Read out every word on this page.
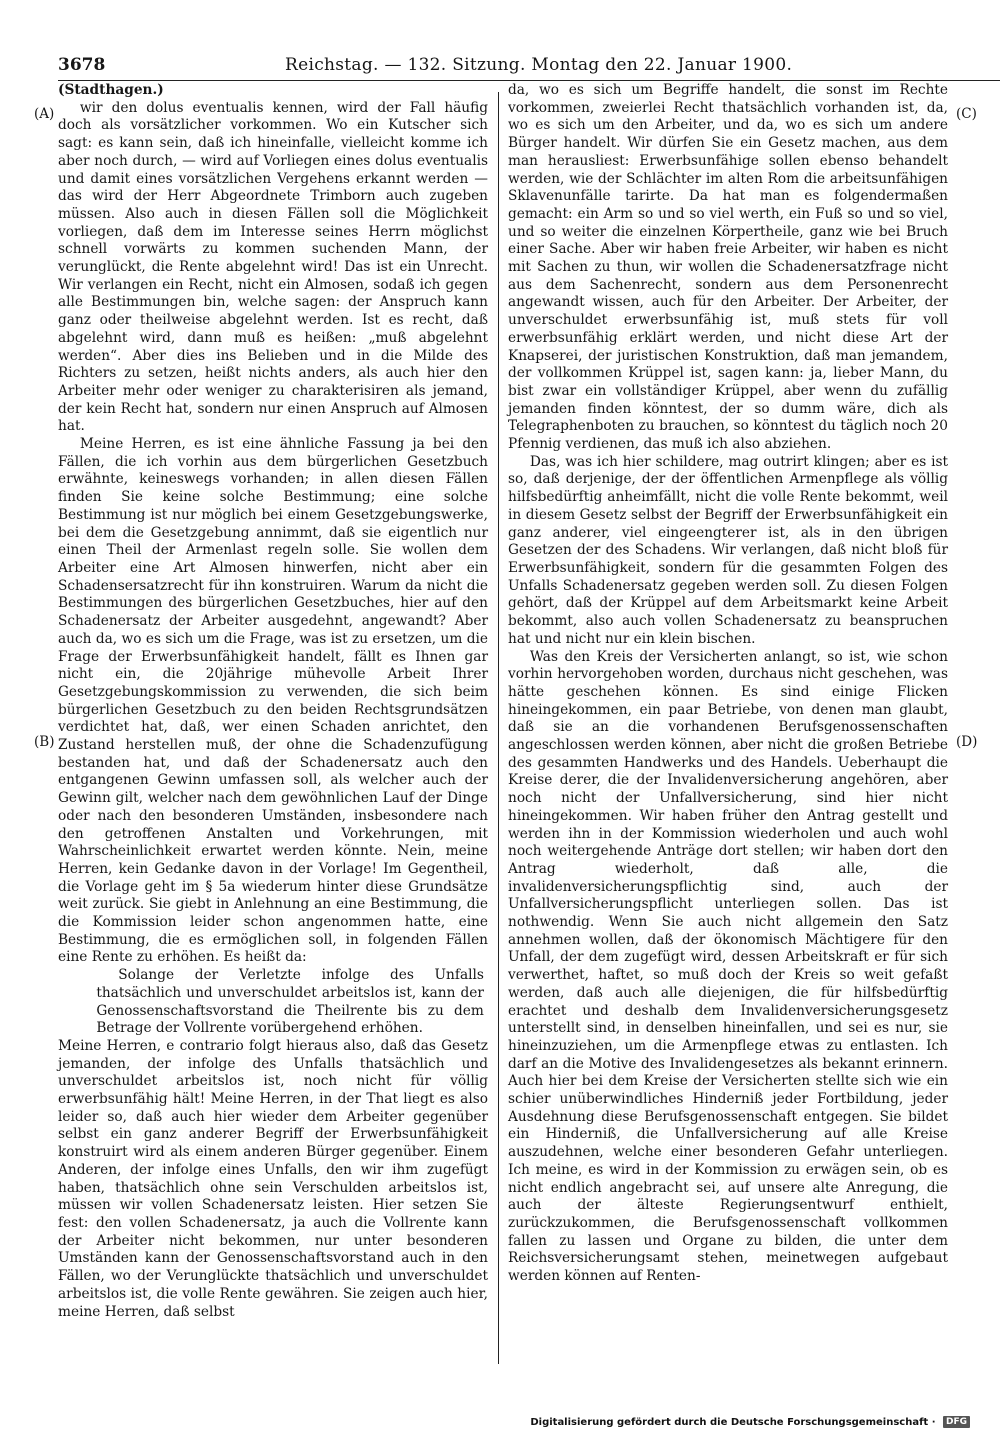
3678	Reichstag. — 132. Sitzung. Montag den 22. Januar 1900.
(A)
(B)
(C)
(D)

(Stadthagen.)

wir den dolus eventualis kennen, wird der Fall häufig doch als vorsätzlicher vorkommen. Wo ein Kutscher sich sagt: es kann sein, daß ich hineinfalle, vielleicht komme ich aber noch durch, — wird auf Vorliegen eines dolus eventualis und damit eines vorsätzlichen Vergehens erkannt werden — das wird der Herr Abgeordnete Trimborn auch zugeben müssen. Also auch in diesen Fällen soll die Möglichkeit vorliegen, daß dem im Interesse seines Herrn möglichst schnell vorwärts zu kommen suchenden Mann, der verunglückt, die Rente abgelehnt wird! Das ist ein Unrecht. Wir verlangen ein Recht, nicht ein Almosen, sodaß ich gegen alle Bestimmungen bin, welche sagen: der Anspruch kann ganz oder theilweise abgelehnt werden. Ist es recht, daß abgelehnt wird, dann muß es heißen: „muß abgelehnt werden“. Aber dies ins Belieben und in die Milde des Richters zu setzen, heißt nichts anders, als auch hier den Arbeiter mehr oder weniger zu charakterisiren als jemand, der kein Recht hat, sondern nur einen Anspruch auf Almosen hat.

Meine Herren, es ist eine ähnliche Fassung ja bei den Fällen, die ich vorhin aus dem bürgerlichen Gesetzbuch erwähnte, keineswegs vorhanden; in allen diesen Fällen finden Sie keine solche Bestimmung; eine solche Bestimmung ist nur möglich bei einem Gesetzgebungswerke, bei dem die Gesetzgebung annimmt, daß sie eigentlich nur einen Theil der Armenlast regeln solle. Sie wollen dem Arbeiter eine Art Almosen hinwerfen, nicht aber ein Schadensersatzrecht für ihn konstruiren. Warum da nicht die Bestimmungen des bürgerlichen Gesetzbuches, hier auf den Schadenersatz der Arbeiter ausgedehnt, angewandt? Aber auch da, wo es sich um die Frage, was ist zu ersetzen, um die Frage der Erwerbsunfähigkeit handelt, fällt es Ihnen gar nicht ein, die 20jährige mühevolle Arbeit Ihrer Gesetzgebungskommission zu verwenden, die sich beim bürgerlichen Gesetzbuch zu den beiden Rechtsgrundsätzen verdichtet hat, daß, wer einen Schaden anrichtet, den Zustand herstellen muß, der ohne die Schadenzufügung bestanden hat, und daß der Schadenersatz auch den entgangenen Gewinn umfassen soll, als welcher auch der Gewinn gilt, welcher nach dem gewöhnlichen Lauf der Dinge oder nach den besonderen Umständen, insbesondere nach den getroffenen Anstalten und Vorkehrungen, mit Wahrscheinlichkeit erwartet werden könnte. Nein, meine Herren, kein Gedanke davon in der Vorlage! Im Gegentheil, die Vorlage geht im § 5a wiederum hinter diese Grundsätze weit zurück. Sie giebt in Anlehnung an eine Bestimmung, die die Kommission leider schon angenommen hatte, eine Bestimmung, die es ermöglichen soll, in folgenden Fällen eine Rente zu erhöhen. Es heißt da:

Solange der Verletzte infolge des Unfalls thatsächlich und unverschuldet arbeitslos ist, kann der Genossenschaftsvorstand die Theilrente bis zu dem Betrage der Vollrente vorübergehend erhöhen.

Meine Herren, e contrario folgt hieraus also, daß das Gesetz jemanden, der infolge des Unfalls thatsächlich und unverschuldet arbeitslos ist, noch nicht für völlig erwerbsunfähig hält! Meine Herren, in der That liegt es also leider so, daß auch hier wieder dem Arbeiter gegenüber selbst ein ganz anderer Begriff der Erwerbsunfähigkeit konstruirt wird als einem anderen Bürger gegenüber. Einem Anderen, der infolge eines Unfalls, den wir ihm zugefügt haben, thatsächlich ohne sein Verschulden arbeitslos ist, müssen wir vollen Schadenersatz leisten. Hier setzen Sie fest: den vollen Schadenersatz, ja auch die Vollrente kann der Arbeiter nicht bekommen, nur unter besonderen Umständen kann der Genossenschaftsvorstand auch in den Fällen, wo der Verunglückte thatsächlich und unverschuldet arbeitslos ist, die volle Rente gewähren. Sie zeigen auch hier, meine Herren, daß selbst

da, wo es sich um Begriffe handelt, die sonst im Rechte vorkommen, zweierlei Recht thatsächlich vorhanden ist, da, wo es sich um den Arbeiter, und da, wo es sich um andere Bürger handelt. Wir dürfen Sie ein Gesetz machen, aus dem man herausliest: Erwerbsunfähige sollen ebenso behandelt werden, wie der Schlächter im alten Rom die arbeitsunfähigen Sklavenunfälle tarirte. Da hat man es folgendermaßen gemacht: ein Arm so und so viel werth, ein Fuß so und so viel, und so weiter die einzelnen Körpertheile, ganz wie bei Bruch einer Sache. Aber wir haben freie Arbeiter, wir haben es nicht mit Sachen zu thun, wir wollen die Schadenersatzfrage nicht aus dem Sachenrecht, sondern aus dem Personenrecht angewandt wissen, auch für den Arbeiter. Der Arbeiter, der unverschuldet erwerbsunfähig ist, muß stets für voll erwerbsunfähig erklärt werden, und nicht diese Art der Knapserei, der juristischen Konstruktion, daß man jemandem, der vollkommen Krüppel ist, sagen kann: ja, lieber Mann, du bist zwar ein vollständiger Krüppel, aber wenn du zufällig jemanden finden könntest, der so dumm wäre, dich als Telegraphenboten zu brauchen, so könntest du täglich noch 20 Pfennig verdienen, das muß ich also abziehen.

Das, was ich hier schildere, mag outrirt klingen; aber es ist so, daß derjenige, der der öffentlichen Armenpflege als völlig hilfsbedürftig anheimfällt, nicht die volle Rente bekommt, weil in diesem Gesetz selbst der Begriff der Erwerbsunfähigkeit ein ganz anderer, viel eingeengterer ist, als in den übrigen Gesetzen der des Schadens. Wir verlangen, daß nicht bloß für Erwerbsunfähigkeit, sondern für die gesammten Folgen des Unfalls Schadenersatz gegeben werden soll. Zu diesen Folgen gehört, daß der Krüppel auf dem Arbeitsmarkt keine Arbeit bekommt, also auch vollen Schadenersatz zu beanspruchen hat und nicht nur ein klein bischen.

Was den Kreis der Versicherten anlangt, so ist, wie schon vorhin hervorgehoben worden, durchaus nicht geschehen, was hätte geschehen können. Es sind einige Flicken hineingekommen, ein paar Betriebe, von denen man glaubt, daß sie an die vorhandenen Berufsgenossenschaften angeschlossen werden können, aber nicht die großen Betriebe des gesammten Handwerks und des Handels. Ueberhaupt die Kreise derer, die der Invalidenversicherung angehören, aber noch nicht der Unfallversicherung, sind hier nicht hineingekommen. Wir haben früher den Antrag gestellt und werden ihn in der Kommission wiederholen und auch wohl noch weitergehende Anträge dort stellen; wir haben dort den Antrag wiederholt, daß alle, die invalidenversicherungspflichtig sind, auch der Unfallversicherungspflicht unterliegen sollen. Das ist nothwendig. Wenn Sie auch nicht allgemein den Satz annehmen wollen, daß der ökonomisch Mächtigere für den Unfall, der dem zugefügt wird, dessen Arbeitskraft er für sich verwerthet, haftet, so muß doch der Kreis so weit gefaßt werden, daß auch alle diejenigen, die für hilfsbedürftig erachtet und deshalb dem Invalidenversicherungsgesetz unterstellt sind, in denselben hineinfallen, und sei es nur, sie hineinzuziehen, um die Armenpflege etwas zu entlasten. Ich darf an die Motive des Invalidengesetzes als bekannt erinnern. Auch hier bei dem Kreise der Versicherten stellte sich wie ein schier unüberwindliches Hinderniß jeder Fortbildung, jeder Ausdehnung diese Berufsgenossenschaft entgegen. Sie bildet ein Hinderniß, die Unfallversicherung auf alle Kreise auszudehnen, welche einer besonderen Gefahr unterliegen. Ich meine, es wird in der Kommission zu erwägen sein, ob es nicht endlich angebracht sei, auf unsere alte Anregung, die auch der älteste Regierungsentwurf enthielt, zurückzukommen, die Berufsgenossenschaft vollkommen fallen zu lassen und Organe zu bilden, die unter dem Reichsversicherungsamt stehen, meinetwegen aufgebaut werden können auf Renten-

Digitalisierung gefördert durch die Deutsche Forschungsgemeinschaft · DFG
